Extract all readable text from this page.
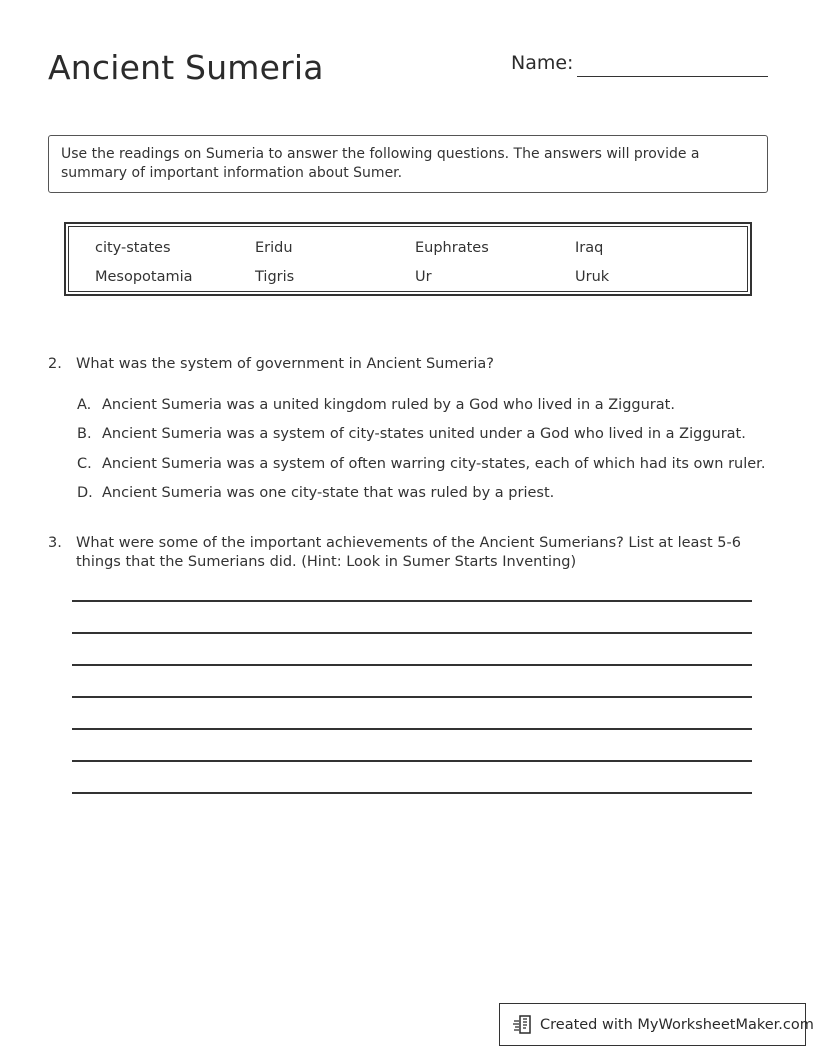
Ancient Sumeria	Name:
Use the readings on Sumeria to answer the following questions. The answers will provide a summary of important information about Sumer.
city-states	Eridu	Euphrates	Iraq
Mesopotamia	Tigris	Ur	Uruk
2. What was the system of government in Ancient Sumeria?
A. Ancient Sumeria was a united kingdom ruled by a God who lived in a Ziggurat.
B. Ancient Sumeria was a system of city-states united under a God who lived in a Ziggurat.
C. Ancient Sumeria was a system of often warring city-states, each of which had its own ruler.
D. Ancient Sumeria was one city-state that was ruled by a priest.
3. What were some of the important achievements of the Ancient Sumerians? List at least 5-6 things that the Sumerians did. (Hint: Look in Sumer Starts Inventing)
Created with MyWorksheetMaker.com
